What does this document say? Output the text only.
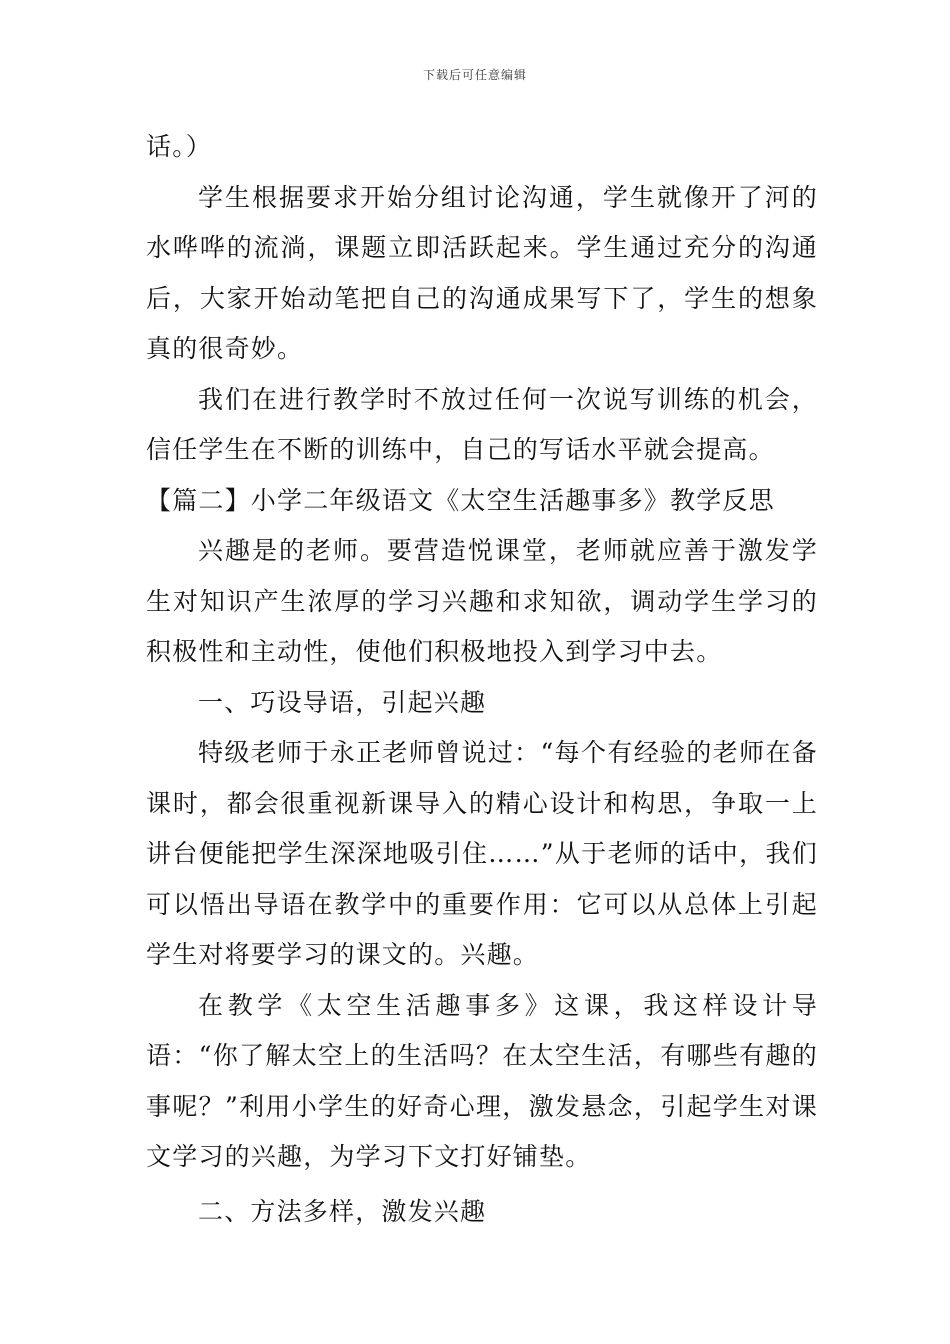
下载后可任意编辑

话。）

学生根据要求开始分组讨论沟通，学生就像开了河的水哗哗的流淌，课题立即活跃起来。学生通过充分的沟通后，大家开始动笔把自己的沟通成果写下了，学生的想象真的很奇妙。

我们在进行教学时不放过任何一次说写训练的机会，信任学生在不断的训练中，自己的写话水平就会提高。

【篇二】小学二年级语文《太空生活趣事多》教学反思

兴趣是的老师。要营造悦课堂，老师就应善于激发学生对知识产生浓厚的学习兴趣和求知欲，调动学生学习的积极性和主动性，使他们积极地投入到学习中去。

一、巧设导语，引起兴趣

特级老师于永正老师曾说过：“每个有经验的老师在备课时，都会很重视新课导入的精心设计和构思，争取一上讲台便能把学生深深地吸引住……”从于老师的话中，我们可以悟出导语在教学中的重要作用：它可以从总体上引起学生对将要学习的课文的。兴趣。

在教学《太空生活趣事多》这课，我这样设计导语：“你了解太空上的生活吗？在太空生活，有哪些有趣的事呢？”利用小学生的好奇心理，激发悬念，引起学生对课文学习的兴趣，为学习下文打好铺垫。

二、方法多样，激发兴趣
